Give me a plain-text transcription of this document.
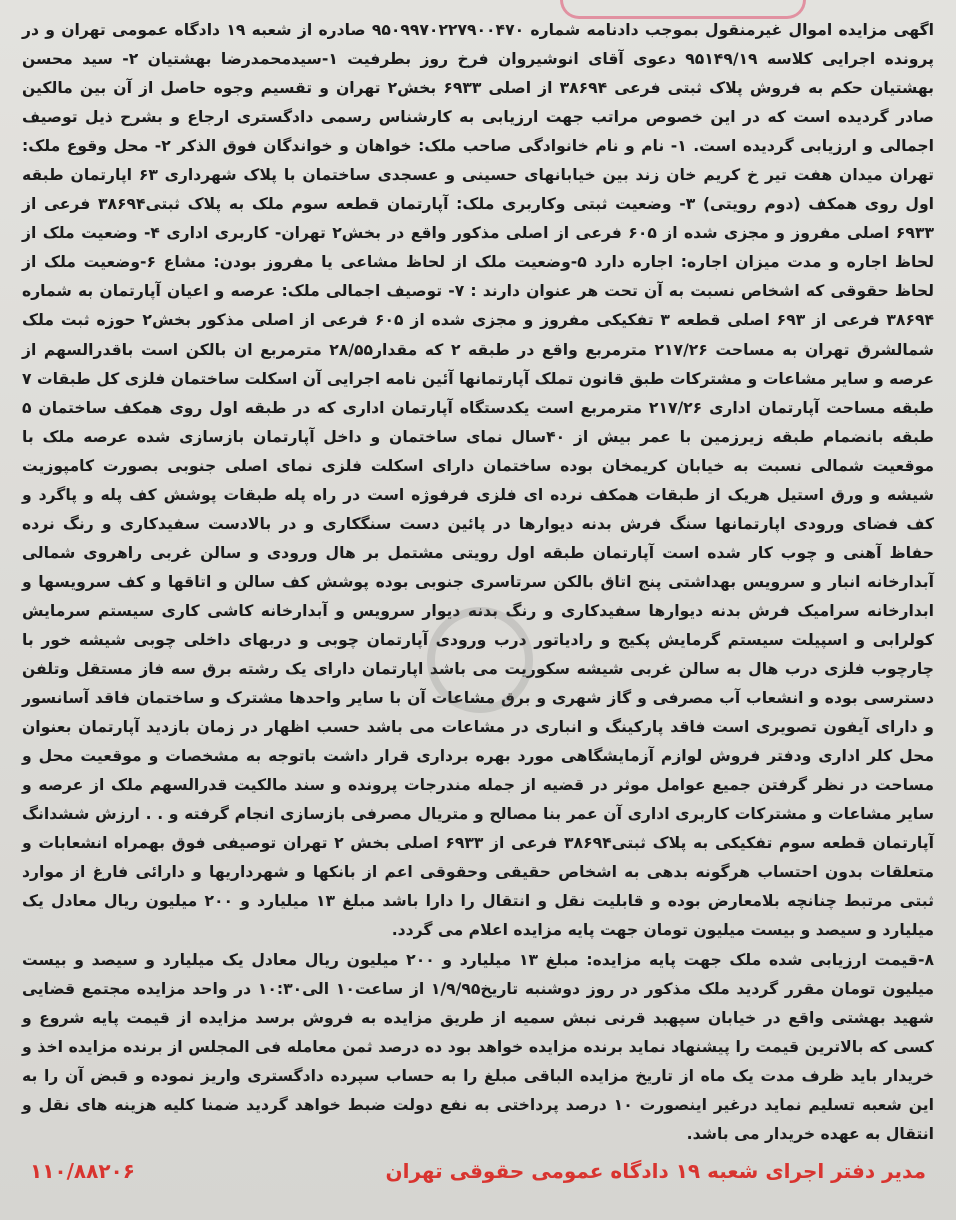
اگهی مزایده اموال غیرمنقول بموجب دادنامه شماره ۹۵۰۹۹۷۰۲۲۷۹۰۰۴۷۰ صادره از شعبه ۱۹ دادگاه عمومی تهران و در پرونده اجرایی کلاسه ۹۵۱۴۹/۱۹ دعوی آقای انوشیروان فرخ روز بطرفیت ۱-سیدمحمدرضا بهشتیان ۲- سید محسن بهشتیان حکم به فروش پلاک ثبتی فرعی ۳۸۶۹۴ از اصلی ۶۹۳۳ بخش۲ تهران و تقسیم وجوه حاصل از آن بین مالکین صادر گردیده است که در این خصوص مراتب جهت ارزیابی به کارشناس رسمی دادگستری ارجاع و بشرح ذیل توصیف اجمالی و ارزیابی گردیده است. ۱- نام و نام خانوادگی صاحب ملک: خواهان و خواندگان فوق الذکر ۲- محل وقوع ملک: تهران میدان هفت تیر خ کریم خان زند بین خیابانهای حسینی و عسجدی ساختمان با پلاک شهرداری ۶۳ اپارتمان طبقه اول روی همکف (دوم رویتی) ۳- وضعیت ثبتی وکاربری ملک: آپارتمان قطعه سوم ملک به پلاک ثبتی۳۸۶۹۴ فرعی از ۶۹۳۳ اصلی مفروز و مجزی شده از ۶۰۵ فرعی از اصلی مذکور واقع در بخش۲ تهران- کاربری اداری ۴- وضعیت ملک از لحاظ اجاره و مدت میزان اجاره: اجاره دارد ۵-وضعیت ملک از لحاظ مشاعی یا مفروز بودن: مشاع ۶-وضعیت ملک از لحاظ حقوقی که اشخاص نسبت به آن تحت هر عنوان دارند : ۷- توصیف اجمالی ملک: عرصه و اعیان آپارتمان به شماره ۳۸۶۹۴ فرعی از ۶۹۳ اصلی قطعه ۳ تفکیکی مفروز و مجزی شده از ۶۰۵ فرعی از اصلی مذکور بخش۲ حوزه ثبت ملک شمالشرق تهران به مساحت ۲۱۷/۲۶ مترمربع واقع در طبقه ۲ که مقدار۲۸/۵۵ مترمربع ان بالکن است باقدرالسهم از عرصه و سایر مشاعات و مشترکات طبق قانون تملک آپارتمانها آئین نامه اجرایی آن اسکلت ساختمان فلزی کل طبقات ۷ طبقه مساحت آپارتمان اداری ۲۱۷/۲۶ مترمربع است یکدستگاه آپارتمان اداری که در طبقه اول روی همکف ساختمان ۵ طبقه بانضمام طبقه زیرزمین با عمر بیش از ۴۰سال نمای ساختمان و داخل آپارتمان بازسازی شده عرصه ملک با موقعیت شمالی نسبت به خیابان کریمخان بوده ساختمان دارای اسکلت فلزی نمای اصلی جنوبی بصورت کامپوزیت شیشه و ورق استیل هریک از طبقات همکف نرده ای فلزی فرفوژه است در راه پله طبقات پوشش کف پله و پاگرد و کف فضای ورودی اپارتمانها سنگ فرش بدنه دیوارها در پائین دست سنگکاری و در بالادست سفیدکاری و رنگ نرده حفاظ آهنی و چوب کار شده است آپارتمان طبقه اول رویتی مشتمل بر هال ورودی و سالن غربی راهروی شمالی آبدارخانه انبار و سرویس بهداشتی پنج اتاق بالکن سرتاسری جنوبی بوده پوشش کف سالن و اتاقها و کف سرویسها و ابدارخانه سرامیک فرش بدنه دیوارها سفیدکاری و رنگ بدنه دیوار سرویس و آبدارخانه کاشی کاری سیستم سرمایش کولرابی و اسپیلت سیستم گرمایش پکیج و رادیاتور درب ورودی آپارتمان چوبی و دربهای داخلی چوبی شیشه خور با چارچوب فلزی درب هال به سالن غربی شیشه سکوریت می باشد اپارتمان دارای یک رشته برق سه فاز مستقل وتلفن دسترسی بوده و انشعاب آب مصرفی و گاز شهری و برق مشاعات آن با سایر واحدها مشترک و ساختمان فاقد آسانسور و دارای آیفون تصویری است فاقد پارکینگ و انباری در مشاعات می باشد حسب اظهار در زمان بازدید آپارتمان بعنوان محل کلر اداری ودفتر فروش لوازم آزمایشگاهی مورد بهره برداری قرار داشت باتوجه به مشخصات و موقعیت محل و مساحت در نظر گرفتن جمیع عوامل موثر در قضیه از جمله مندرجات پرونده و سند مالکیت قدرالسهم ملک از عرصه و سایر مشاعات و مشترکات کاربری اداری آن عمر بنا مصالح و متریال مصرفی بازسازی انجام گرفته و . . ارزش ششدانگ آپارتمان قطعه سوم تفکیکی به پلاک ثبتی۳۸۶۹۴ فرعی از ۶۹۳۳ اصلی بخش ۲ تهران توصیفی فوق بهمراه انشعابات و متعلقات بدون احتساب هرگونه بدهی به اشخاص حقیقی وحقوقی اعم از بانکها و شهرداریها و دارائی فارغ از موارد ثبتی مرتبط چنانچه بلامعارض بوده و قابلیت نقل و انتقال را دارا باشد مبلغ ۱۳ میلیارد و ۲۰۰ میلیون ریال معادل یک میلیارد و سیصد و بیست میلیون تومان جهت پایه مزایده اعلام می گردد.

۸-قیمت ارزیابی شده ملک جهت پایه مزایده: مبلغ ۱۳ میلیارد و ۲۰۰ میلیون ریال معادل یک میلیارد و سیصد و بیست میلیون تومان مقرر گردید ملک مذکور در روز دوشنبه تاریخ۱/۹/۹۵ از ساعت۱۰ الی۱۰:۳۰ در واحد مزایده مجتمع قضایی شهید بهشتی واقع در خیابان سپهبد قرنی نبش سمیه از طریق مزایده به فروش برسد مزایده از قیمت پایه شروع و کسی که بالاترین قیمت را پیشنهاد نماید برنده مزایده خواهد بود ده درصد ثمن معامله فی المجلس از برنده مزایده اخذ و خریدار باید ظرف مدت یک ماه از تاریخ مزایده الباقی مبلغ را به حساب سپرده دادگستری واریز نموده و قبض آن را به این شعبه تسلیم نماید درغیر اینصورت ۱۰ درصد پرداختی به نفع دولت ضبط خواهد گردید ضمنا کلیه هزینه های نقل و انتقال به عهده خریدار می باشد.

مدیر دفتر اجرای شعبه ۱۹ دادگاه عمومی حقوقی تهران
۱۱۰/۸۸۲۰۶
